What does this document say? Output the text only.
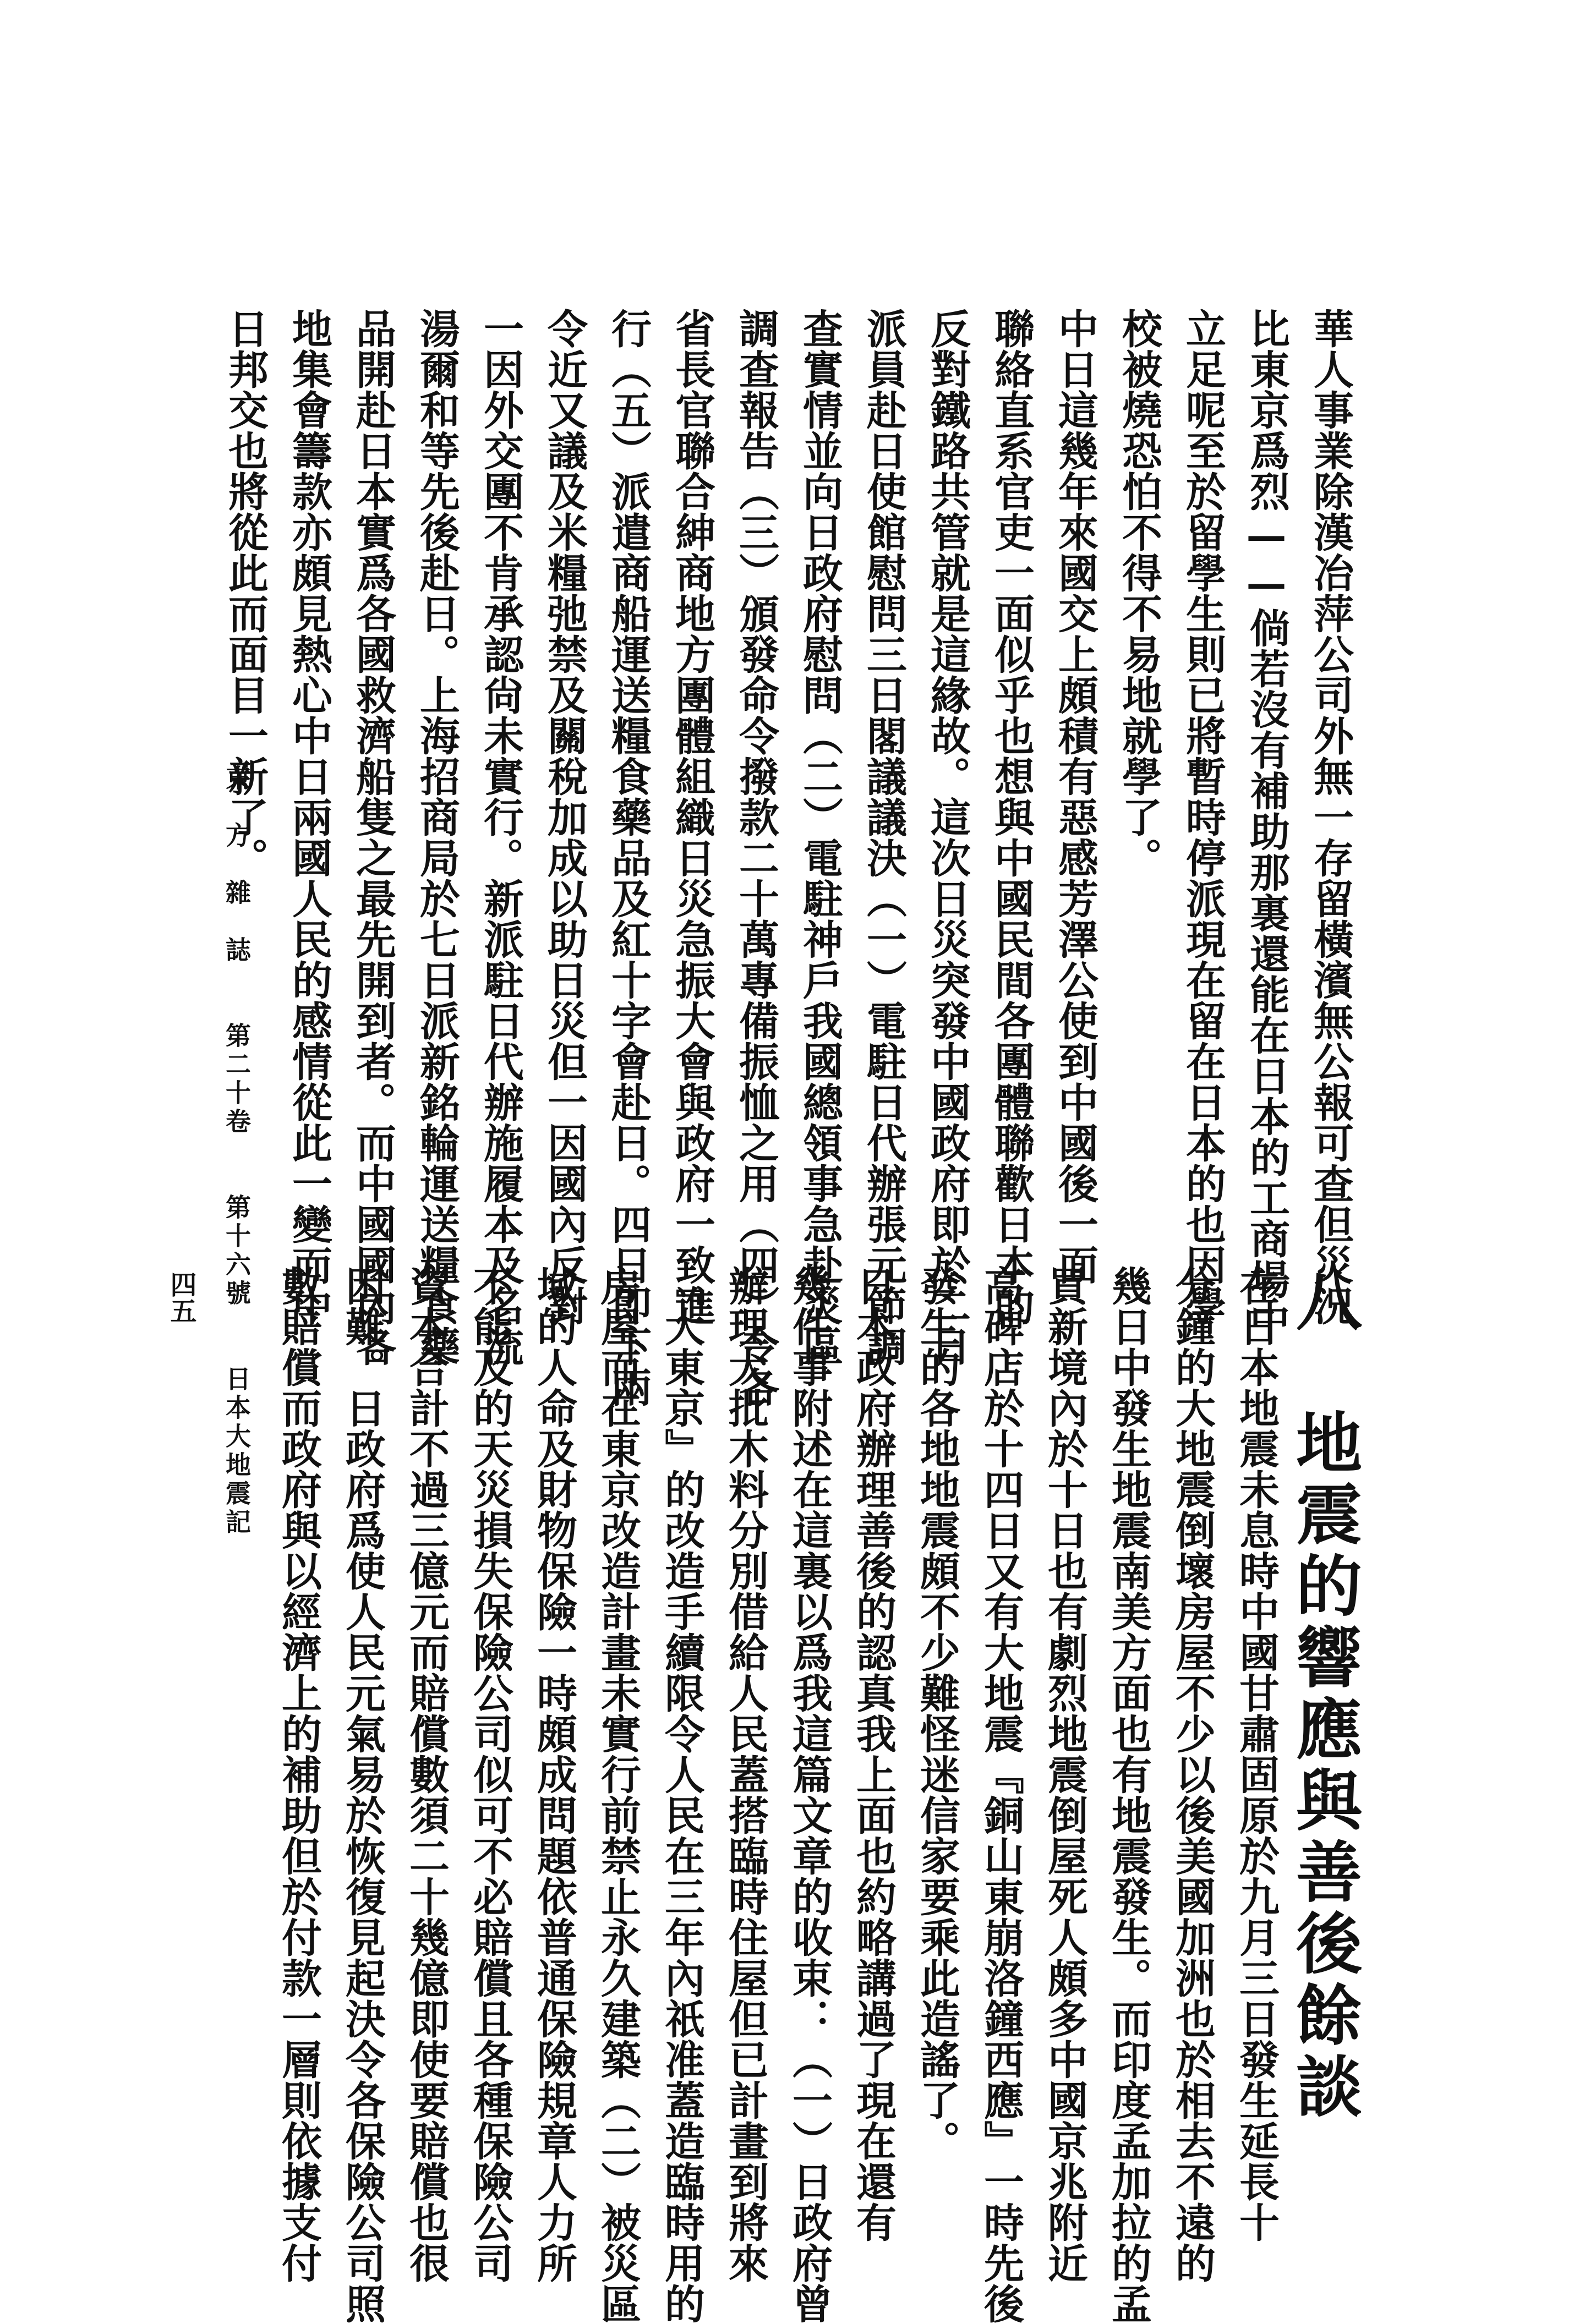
華人事業除漢冶萍公司外無一存留橫濱無公報可查但災況
比東京爲烈——倘若沒有補助那裏還能在日本的工商場中
立足呢至於留學生則已將暫時停派現在留在日本的也因學
校被燒恐怕不得不易地就學了。
中日這幾年來國交上頗積有惡感芳澤公使到中國後一面
聯絡直系官吏一面似乎也想與中國民間各團體聯歡日本的
反對鐵路共管就是這緣故。這次日災突發中國政府即於二日
派員赴日使館慰問三日閣議議決（一）電駐日代辦張元節調
查實情並向日政府慰問（二）電駐神戶我國總領事急赴災區
調查報告（三）頒發命令撥款二十萬專備振恤之用（四）令各
省長官聯合紳商地方團體組織日災急振大會與政府一致進
行（五）派遣商船運送糧食藥品及紅十字會赴日。四日即下兩
令近又議及米糧弛禁及關稅加成以助日災但一因國內反對
一因外交團不肯承認尙未實行。新派駐日代辦施履本及名流
湯爾和等先後赴日。上海招商局於七日派新銘輪運送糧食藥
品開赴日本實爲各國救濟船隻之最先開到者。而中國國內各
地集會籌款亦頗見熱心中日兩國人民的感情從此一變而中
日邦交也將從此而面目一新了。
八　地震的響應與善後餘談
在日本地震未息時中國甘肅固原於九月三日發生延長十
分鐘的大地震倒壞房屋不少以後美國加洲也於相去不遠的
幾日中發生地震南美方面也有地震發生。而印度孟加拉的孟
買新境內於十日也有劇烈地震倒屋死人頗多中國京兆附近
高碑店於十四日又有大地震『銅山東崩洛鐘西應』一時先後
發生的各地地震頗不少難怪迷信家要乘此造謠了。
日本政府辦理善後的認真我上面也約略講過了現在還有
幾件事附述在這裏以爲我這篇文章的收束：（一）日政府曾
辦理大批木料分別借給人民蓋搭臨時住屋但已計畫到將來
『大東京』的改造手續限令人民在三年內祇准蓋造臨時用的
房屋而在東京改造計畫未實行前禁止永久建築（二）被災區
域的人命及財物保險一時頗成問題依普通保險規章人力所
不能及的天災損失保險公司似可不必賠償且各種保險公司
資本合計不過三億元而賠償數須二十幾億即使要賠償也很
困難。日政府爲使人民元氣易於恢復見起決令各保險公司照
數賠償而政府與以經濟上的補助但於付款一層則依據支付
東　方　雜　誌　　第二十卷　　第十六號　　日本大地震記
四五
